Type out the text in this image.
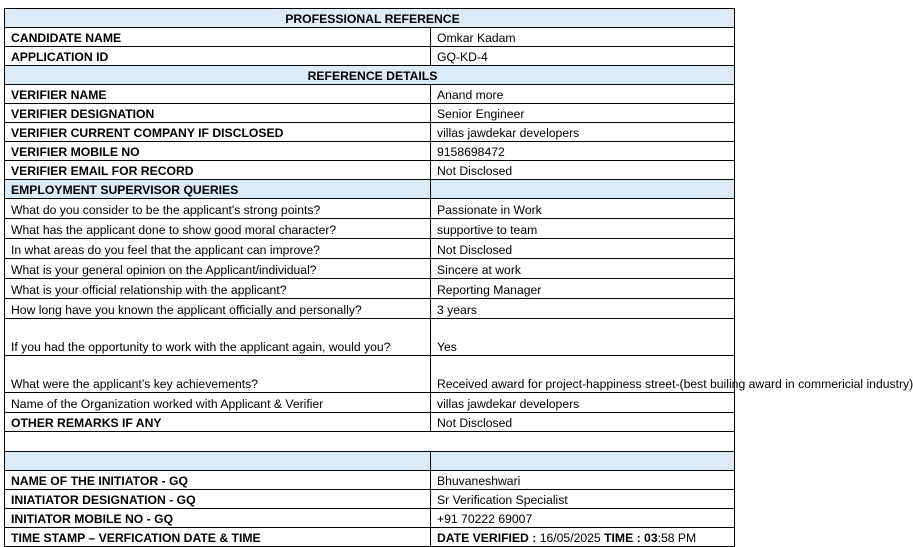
PROFESSIONAL REFERENCE	
CANDIDATE NAME	Omkar Kadam
APPLICATION ID	GQ-KD-4
REFERENCE DETAILS	
VERIFIER NAME	Anand more
VERIFIER DESIGNATION	Senior Engineer
VERIFIER CURRENT COMPANY IF DISCLOSED	villas jawdekar developers
VERIFIER MOBILE NO	9158698472
VERIFIER EMAIL FOR RECORD	Not Disclosed
EMPLOYMENT SUPERVISOR QUERIES	
What do you consider to be the applicant's strong points?	Passionate in Work
What has the applicant done to show good moral character?	supportive to team
In what areas do you feel that the applicant can improve?	Not Disclosed
What is your general opinion on the Applicant/individual?	Sincere at work
What is your official relationship with the applicant?	Reporting Manager
How long have you known the applicant officially and personally?	3 years
If you had the opportunity to work with the applicant again, would you?	Yes
What were the applicant’s key achievements?	Received award for project-happiness street-(best builing award in commericial industry)
Name of the Organization worked with Applicant & Verifier	villas jawdekar developers
OTHER REMARKS IF ANY	Not Disclosed

NAME OF THE INITIATOR - GQ	Bhuvaneshwari
INIATIATOR DESIGNATION - GQ	Sr Verification Specialist
INITIATOR MOBILE NO - GQ	+91 70222 69007
TIME STAMP – VERFICATION DATE & TIME	DATE VERIFIED : 16/05/2025 TIME : 03:58 PM
